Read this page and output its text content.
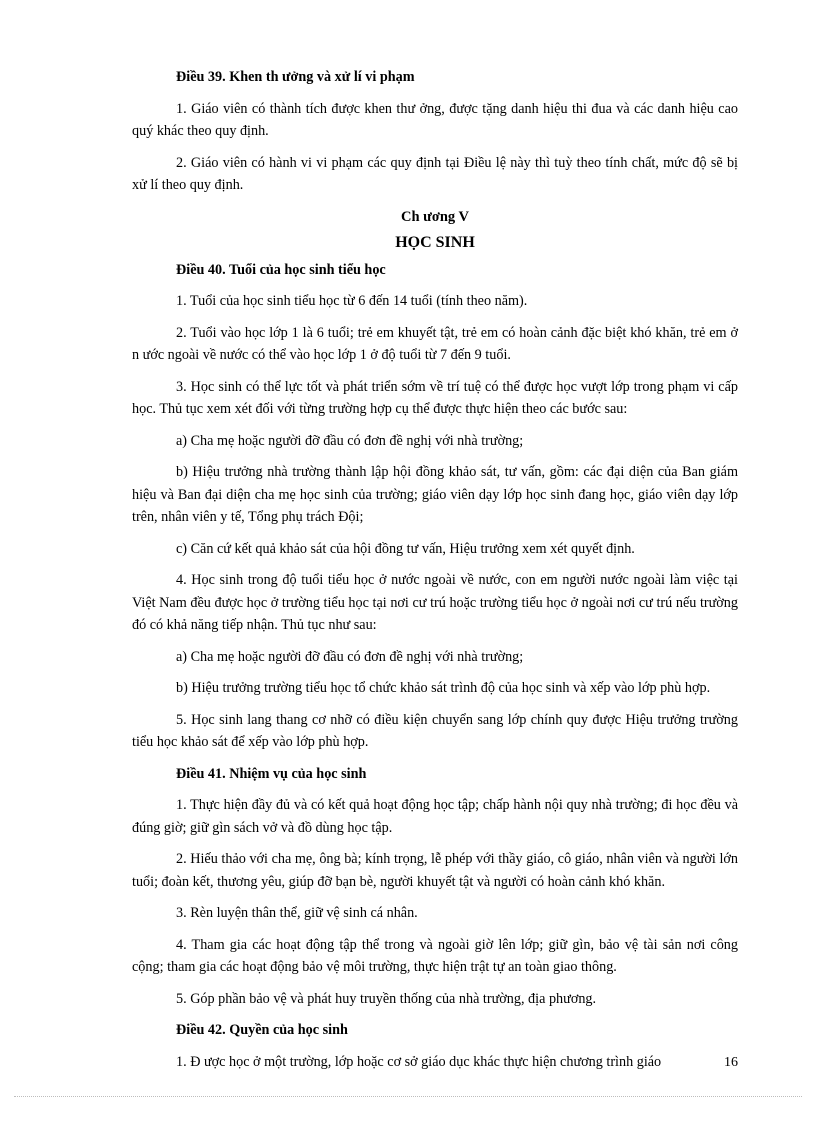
Điều 39. Khen th ưởng và xử lí vi phạm
1. Giáo viên có thành tích được khen thư ởng, được tặng danh hiệu thi đua và các danh hiệu cao quý khác theo quy định.
2. Giáo viên có hành vi vi phạm các quy định tại Điều lệ này thì tuỳ theo tính chất, mức độ sẽ bị xử lí theo quy định.
Ch ương V
HỌC SINH
Điều 40. Tuổi của học sinh tiểu học
1. Tuổi của học sinh tiểu học từ 6 đến 14 tuổi (tính theo năm).
2. Tuổi vào học lớp 1 là 6 tuổi; trẻ em khuyết tật, trẻ em có hoàn cảnh đặc biệt khó khăn, trẻ em ở n ước ngoài về nước có thể vào học lớp 1 ở độ tuổi từ 7 đến 9 tuổi.
3. Học sinh có thể lực tốt và phát triển sớm về trí tuệ có thể được học vượt lớp trong phạm vi cấp học. Thủ tục xem xét đối với từng trường hợp cụ thể được thực hiện theo các bước sau:
a) Cha mẹ hoặc người đỡ đầu có đơn đề nghị với nhà trường;
b) Hiệu trưởng nhà trường thành lập hội đồng khảo sát, tư vấn, gồm: các đại diện của Ban giám hiệu và Ban đại diện cha mẹ học sinh của trường; giáo viên dạy lớp học sinh đang học, giáo viên dạy lớp trên, nhân viên y tế, Tổng phụ trách Đội;
c) Căn cứ kết quả khảo sát của hội đồng tư vấn, Hiệu trưởng xem xét quyết định.
4. Học sinh trong độ tuổi tiểu học ở nước ngoài về nước, con em người nước ngoài làm việc tại Việt Nam đều được học ở trường tiểu học tại nơi cư trú hoặc trường tiểu học ở ngoài nơi cư trú nếu trường đó có khả năng tiếp nhận. Thủ tục như sau:
a) Cha mẹ hoặc người đỡ đầu có đơn đề nghị với nhà trường;
b) Hiệu trưởng trường tiểu học tổ chức khảo sát trình độ của học sinh và xếp vào lớp phù hợp.
5. Học sinh lang thang cơ nhỡ có điều kiện chuyển sang lớp chính quy được Hiệu trưởng trường tiểu học khảo sát để xếp vào lớp phù hợp.
Điều 41. Nhiệm vụ của học sinh
1. Thực hiện đầy đủ và có kết quả hoạt động học tập; chấp hành nội quy nhà trường; đi học đều và đúng giờ; giữ gìn sách vở và đồ dùng học tập.
2. Hiếu thảo với cha mẹ, ông bà; kính trọng, lễ phép với thầy giáo, cô giáo, nhân viên và người lớn tuổi; đoàn kết, thương yêu, giúp đỡ bạn bè, người khuyết tật và người có hoàn cảnh khó khăn.
3. Rèn luyện thân thể, giữ vệ sinh cá nhân.
4. Tham gia các hoạt động tập thể trong và ngoài giờ lên lớp; giữ gìn, bảo vệ tài sản nơi công cộng; tham gia các hoạt động bảo vệ môi trường, thực hiện trật tự an toàn giao thông.
5. Góp phần bảo vệ và phát huy truyền thống của nhà trường, địa phương.
Điều 42. Quyền của học sinh
1. Đ ược học ở một trường, lớp hoặc cơ sở giáo dục khác thực hiện chương trình giáo	16
